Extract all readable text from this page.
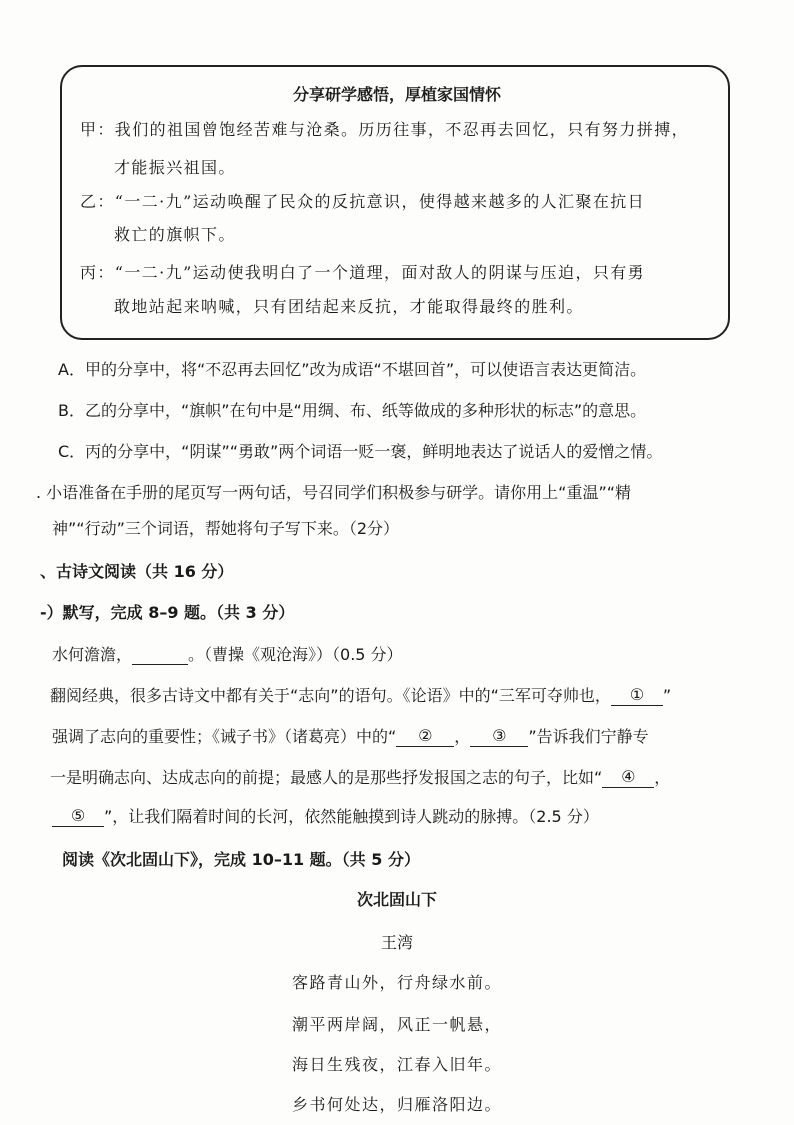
分享研学感悟，厚植家国情怀
甲：我们的祖国曾饱经苦难与沧桑。历历往事，不忍再去回忆，只有努力拼搏，
才能振兴祖国。
乙：“一二·九”运动唤醒了民众的反抗意识，使得越来越多的人汇聚在抗日
救亡的旗帜下。
丙：“一二·九”运动使我明白了一个道理，面对敌人的阴谋与压迫，只有勇
敢地站起来呐喊，只有团结起来反抗，才能取得最终的胜利。
A．甲的分享中，将“不忍再去回忆”改为成语“不堪回首”，可以使语言表达更简洁。
B．乙的分享中，“旗帜”在句中是“用绸、布、纸等做成的多种形状的标志”的意思。
C．丙的分享中，“阴谋”“勇敢”两个词语一贬一褒，鲜明地表达了说话人的爱憎之情。
. 小语准备在手册的尾页写一两句话，号召同学们积极参与研学。请你用上“重温”“精
神”“行动”三个词语，帮她将句子写下来。（2分）
、古诗文阅读（共 16 分）
-）默写，完成 8–9 题。（共 3 分）
水何澹澹，	。（曹操《观沧海》）（0.5 分）
翻阅经典，很多古诗文中都有关于“志向”的语句。《论语》中的“三军可夺帅也， ① ”
强调了志向的重要性；《诫子书》（诸葛亮）中的“ ② ， ③ ”告诉我们宁静专
一是明确志向、达成志向的前提；最感人的是那些抒发报国之志的句子，比如“ ④ ，
⑤ ”，让我们隔着时间的长河，依然能触摸到诗人跳动的脉搏。（2.5 分）
阅读《次北固山下》，完成 10–11 题。（共 5 分）
次北固山下
王湾
客路青山外，行舟绿水前。
潮平两岸阔，风正一帆悬，
海日生残夜，江春入旧年。
乡书何处达，归雁洛阳边。
